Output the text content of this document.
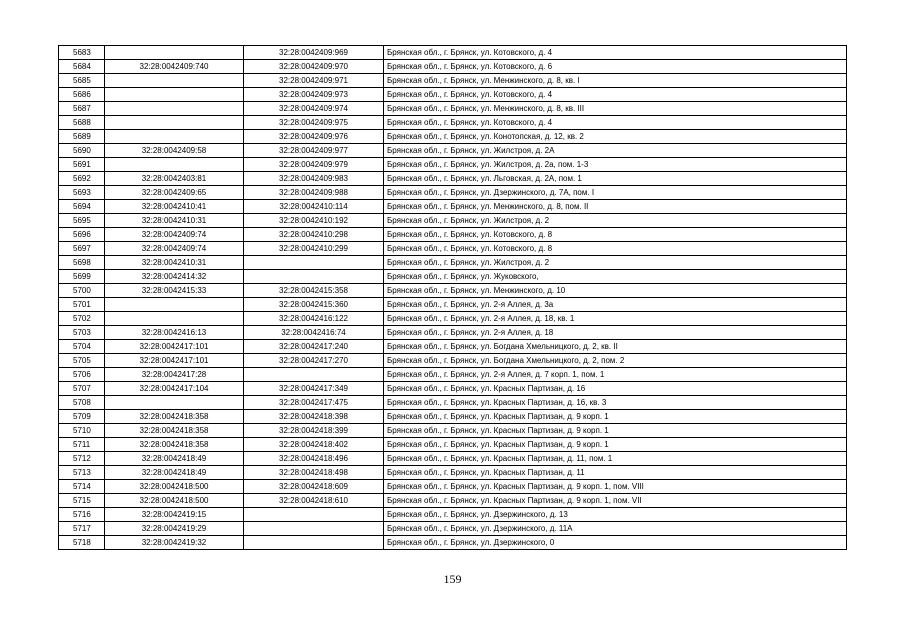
5683		32:28:0042409:969	Брянская обл., г. Брянск, ул. Котовского, д. 4
5684	32:28:0042409:740	32:28:0042409:970	Брянская обл., г. Брянск, ул. Котовского, д. 6
5685		32:28:0042409:971	Брянская обл., г. Брянск, ул. Менжинского, д. 8, кв. I
5686		32:28:0042409:973	Брянская обл., г. Брянск, ул. Котовского, д. 4
5687		32:28:0042409:974	Брянская обл., г. Брянск, ул. Менжинского, д. 8, кв. III
5688		32:28:0042409:975	Брянская обл., г. Брянск, ул. Котовского, д. 4
5689		32:28:0042409:976	Брянская обл., г. Брянск, ул. Конотопская, д. 12, кв. 2
5690	32:28:0042409:58	32:28:0042409:977	Брянская обл., г. Брянск, ул. Жилстроя, д. 2А
5691		32:28:0042409:979	Брянская обл., г. Брянск, ул. Жилстроя, д. 2а, пом. 1-3
5692	32:28:0042403:81	32:28:0042409:983	Брянская обл., г. Брянск, ул. Льговская, д. 2А, пом. 1
5693	32:28:0042409:65	32:28:0042409:988	Брянская обл., г. Брянск, ул. Дзержинского, д. 7А, пом. I
5694	32:28:0042410:41	32:28:0042410:114	Брянская обл., г. Брянск, ул. Менжинского, д. 8, пом. II
5695	32:28:0042410:31	32:28:0042410:192	Брянская обл., г. Брянск, ул. Жилстроя, д. 2
5696	32:28:0042409:74	32:28:0042410:298	Брянская обл., г. Брянск, ул. Котовского, д. 8
5697	32:28:0042409:74	32:28:0042410:299	Брянская обл., г. Брянск, ул. Котовского, д. 8
5698	32:28:0042410:31		Брянская обл., г. Брянск, ул. Жилстроя, д. 2
5699	32:28:0042414:32		Брянская обл., г. Брянск, ул. Жуковского,
5700	32:28:0042415:33	32:28:0042415:358	Брянская обл., г. Брянск, ул. Менжинского, д. 10
5701		32:28:0042415:360	Брянская обл., г. Брянск, ул. 2-я Аллея, д. 3а
5702		32:28:0042416:122	Брянская обл., г. Брянск, ул. 2-я Аллея, д. 18, кв. 1
5703	32:28:0042416:13	32:28:0042416:74	Брянская обл., г. Брянск, ул. 2-я Аллея, д. 18
5704	32:28:0042417:101	32:28:0042417:240	Брянская обл., г. Брянск, ул. Богдана Хмельницкого, д. 2, кв. II
5705	32:28:0042417:101	32:28:0042417:270	Брянская обл., г. Брянск, ул. Богдана Хмельницкого, д. 2, пом. 2
5706	32:28:0042417:28		Брянская обл., г. Брянск, ул. 2-я Аллея, д. 7 корп. 1, пом. 1
5707	32:28:0042417:104	32:28:0042417:349	Брянская обл., г. Брянск, ул. Красных Партизан, д. 16
5708		32:28:0042417:475	Брянская обл., г. Брянск, ул. Красных Партизан, д. 16, кв. 3
5709	32:28:0042418:358	32:28:0042418:398	Брянская обл., г. Брянск, ул. Красных Партизан, д. 9 корп. 1
5710	32:28:0042418:358	32:28:0042418:399	Брянская обл., г. Брянск, ул. Красных Партизан, д. 9 корп. 1
5711	32:28:0042418:358	32:28:0042418:402	Брянская обл., г. Брянск, ул. Красных Партизан, д. 9 корп. 1
5712	32:28:0042418:49	32:28:0042418:496	Брянская обл., г. Брянск, ул. Красных Партизан, д. 11, пом. 1
5713	32:28:0042418:49	32:28:0042418:498	Брянская обл., г. Брянск, ул. Красных Партизан, д. 11
5714	32:28:0042418:500	32:28:0042418:609	Брянская обл., г. Брянск, ул. Красных Партизан, д. 9 корп. 1, пом. VIII
5715	32:28:0042418:500	32:28:0042418:610	Брянская обл., г. Брянск, ул. Красных Партизан, д. 9 корп. 1, пом. VII
5716	32:28:0042419:15		Брянская обл., г. Брянск, ул. Дзержинского, д. 13
5717	32:28:0042419:29		Брянская обл., г. Брянск, ул. Дзержинского, д. 11А
5718	32:28:0042419:32		Брянская обл., г. Брянск, ул. Дзержинского, 0
159
